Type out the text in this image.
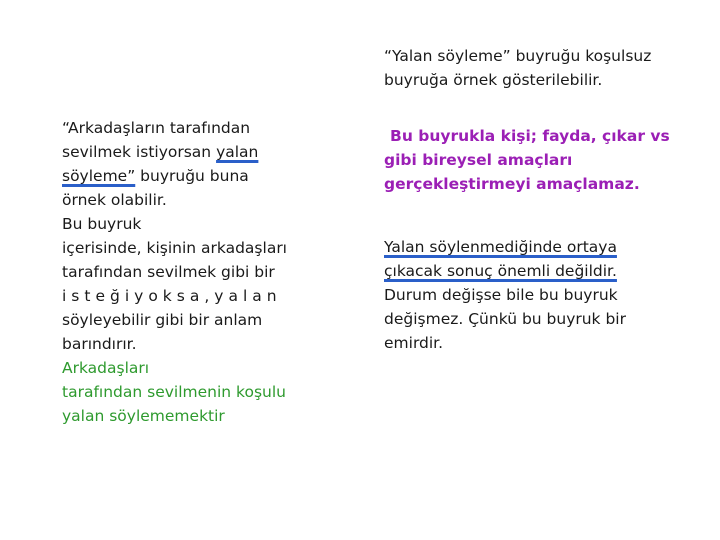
“Arkadaşların tarafından
sevilmek istiyorsan yalan
söyleme” buyruğu buna
örnek olabilir.
Bu buyruk
içerisinde, kişinin arkadaşları
tarafından sevilmek gibi bir
isteğiyoksa,yalan
söyleyebilir gibi bir anlam
barındırır.
Arkadaşları
tarafından sevilmenin koşulu
yalan söylememektir
“Yalan söyleme” buyruğu koşulsuz
buyruğa örnek gösterilebilir.
Bu buyrukla kişi; fayda, çıkar vs
gibi bireysel amaçları
gerçekleştirmeyi amaçlamaz.
Yalan söylenmediğinde ortaya
çıkacak sonuç önemli değildir.
Durum değişse bile bu buyruk
değişmez. Çünkü bu buyruk bir
emirdir.
